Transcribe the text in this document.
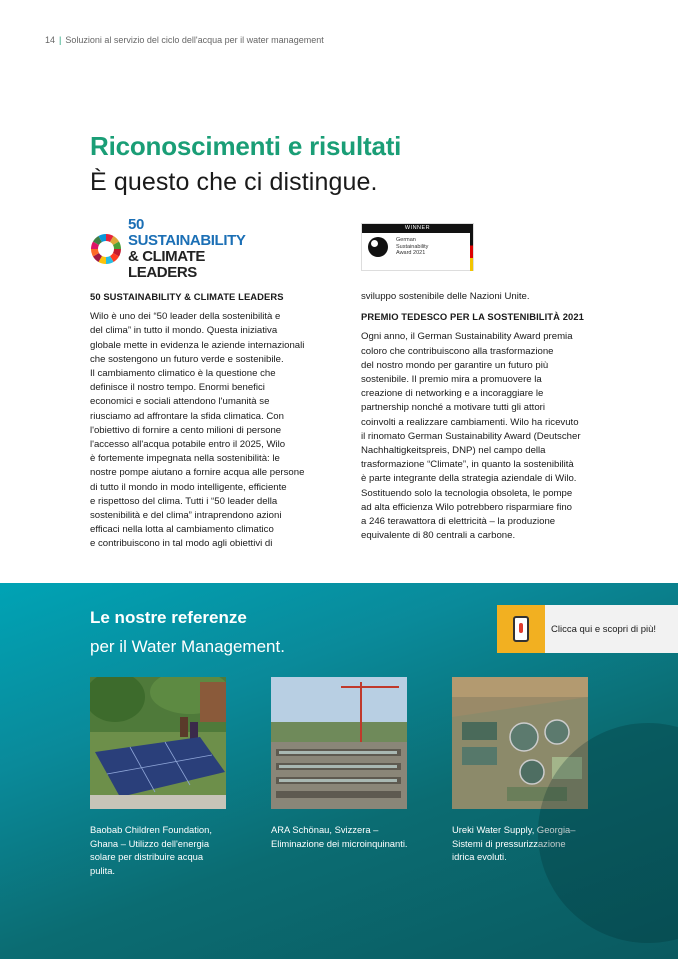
14 | Soluzioni al servizio del ciclo dell'acqua per il water management
Riconoscimenti e risultati
È questo che ci distingue.
50 SUSTAINABILITY
& CLIMATE LEADERS
WINNER
German
Sustainability
Award 2021
50 SUSTAINABILITY & CLIMATE LEADERS

Wilo è uno dei “50 leader della sostenibilità e
del clima” in tutto il mondo. Questa iniziativa
globale mette in evidenza le aziende internazionali
che sostengono un futuro verde e sostenibile.
Il cambiamento climatico è la questione che
definisce il nostro tempo. Enormi benefici
economici e sociali attendono l'umanità se
riusciamo ad affrontare la sfida climatica. Con
l'obiettivo di fornire a cento milioni di persone
l'accesso all'acqua potabile entro il 2025, Wilo
è fortemente impegnata nella sostenibilità: le
nostre pompe aiutano a fornire acqua alle persone
di tutto il mondo in modo intelligente, efficiente
e rispettoso del clima. Tutti i “50 leader della
sostenibilità e del clima” intraprendono azioni
efficaci nella lotta al cambiamento climatico
e contribuiscono in tal modo agli obiettivi di

sviluppo sostenibile delle Nazioni Unite.

PREMIO TEDESCO PER LA SOSTENIBILITÀ 2021

Ogni anno, il German Sustainability Award premia
coloro che contribuiscono alla trasformazione
del nostro mondo per garantire un futuro più
sostenibile. Il premio mira a promuovere la
creazione di networking e a incoraggiare le
partnership nonché a motivare tutti gli attori
coinvolti a realizzare cambiamenti. Wilo ha ricevuto
il rinomato German Sustainability Award (Deutscher
Nachhaltigkeitspreis, DNP) nel campo della
trasformazione “Climate”, in quanto la sostenibilità
è parte integrante della strategia aziendale di Wilo.
Sostituendo solo la tecnologia obsoleta, le pompe
ad alta efficienza Wilo potrebbero risparmiare fino
a 246 terawattora di elettricità – la produzione
equivalente di 80 centrali a carbone.

Le nostre referenze
per il Water Management.
Clicca qui e scopri di più!
Baobab Children Foundation,
Ghana – Utilizzo dell'energia
solare per distribuire acqua
pulita.
ARA Schönau, Svizzera –
Eliminazione dei microinquinanti.
Ureki Water Supply, Georgia–
Sistemi di pressurizzazione
idrica evoluti.
